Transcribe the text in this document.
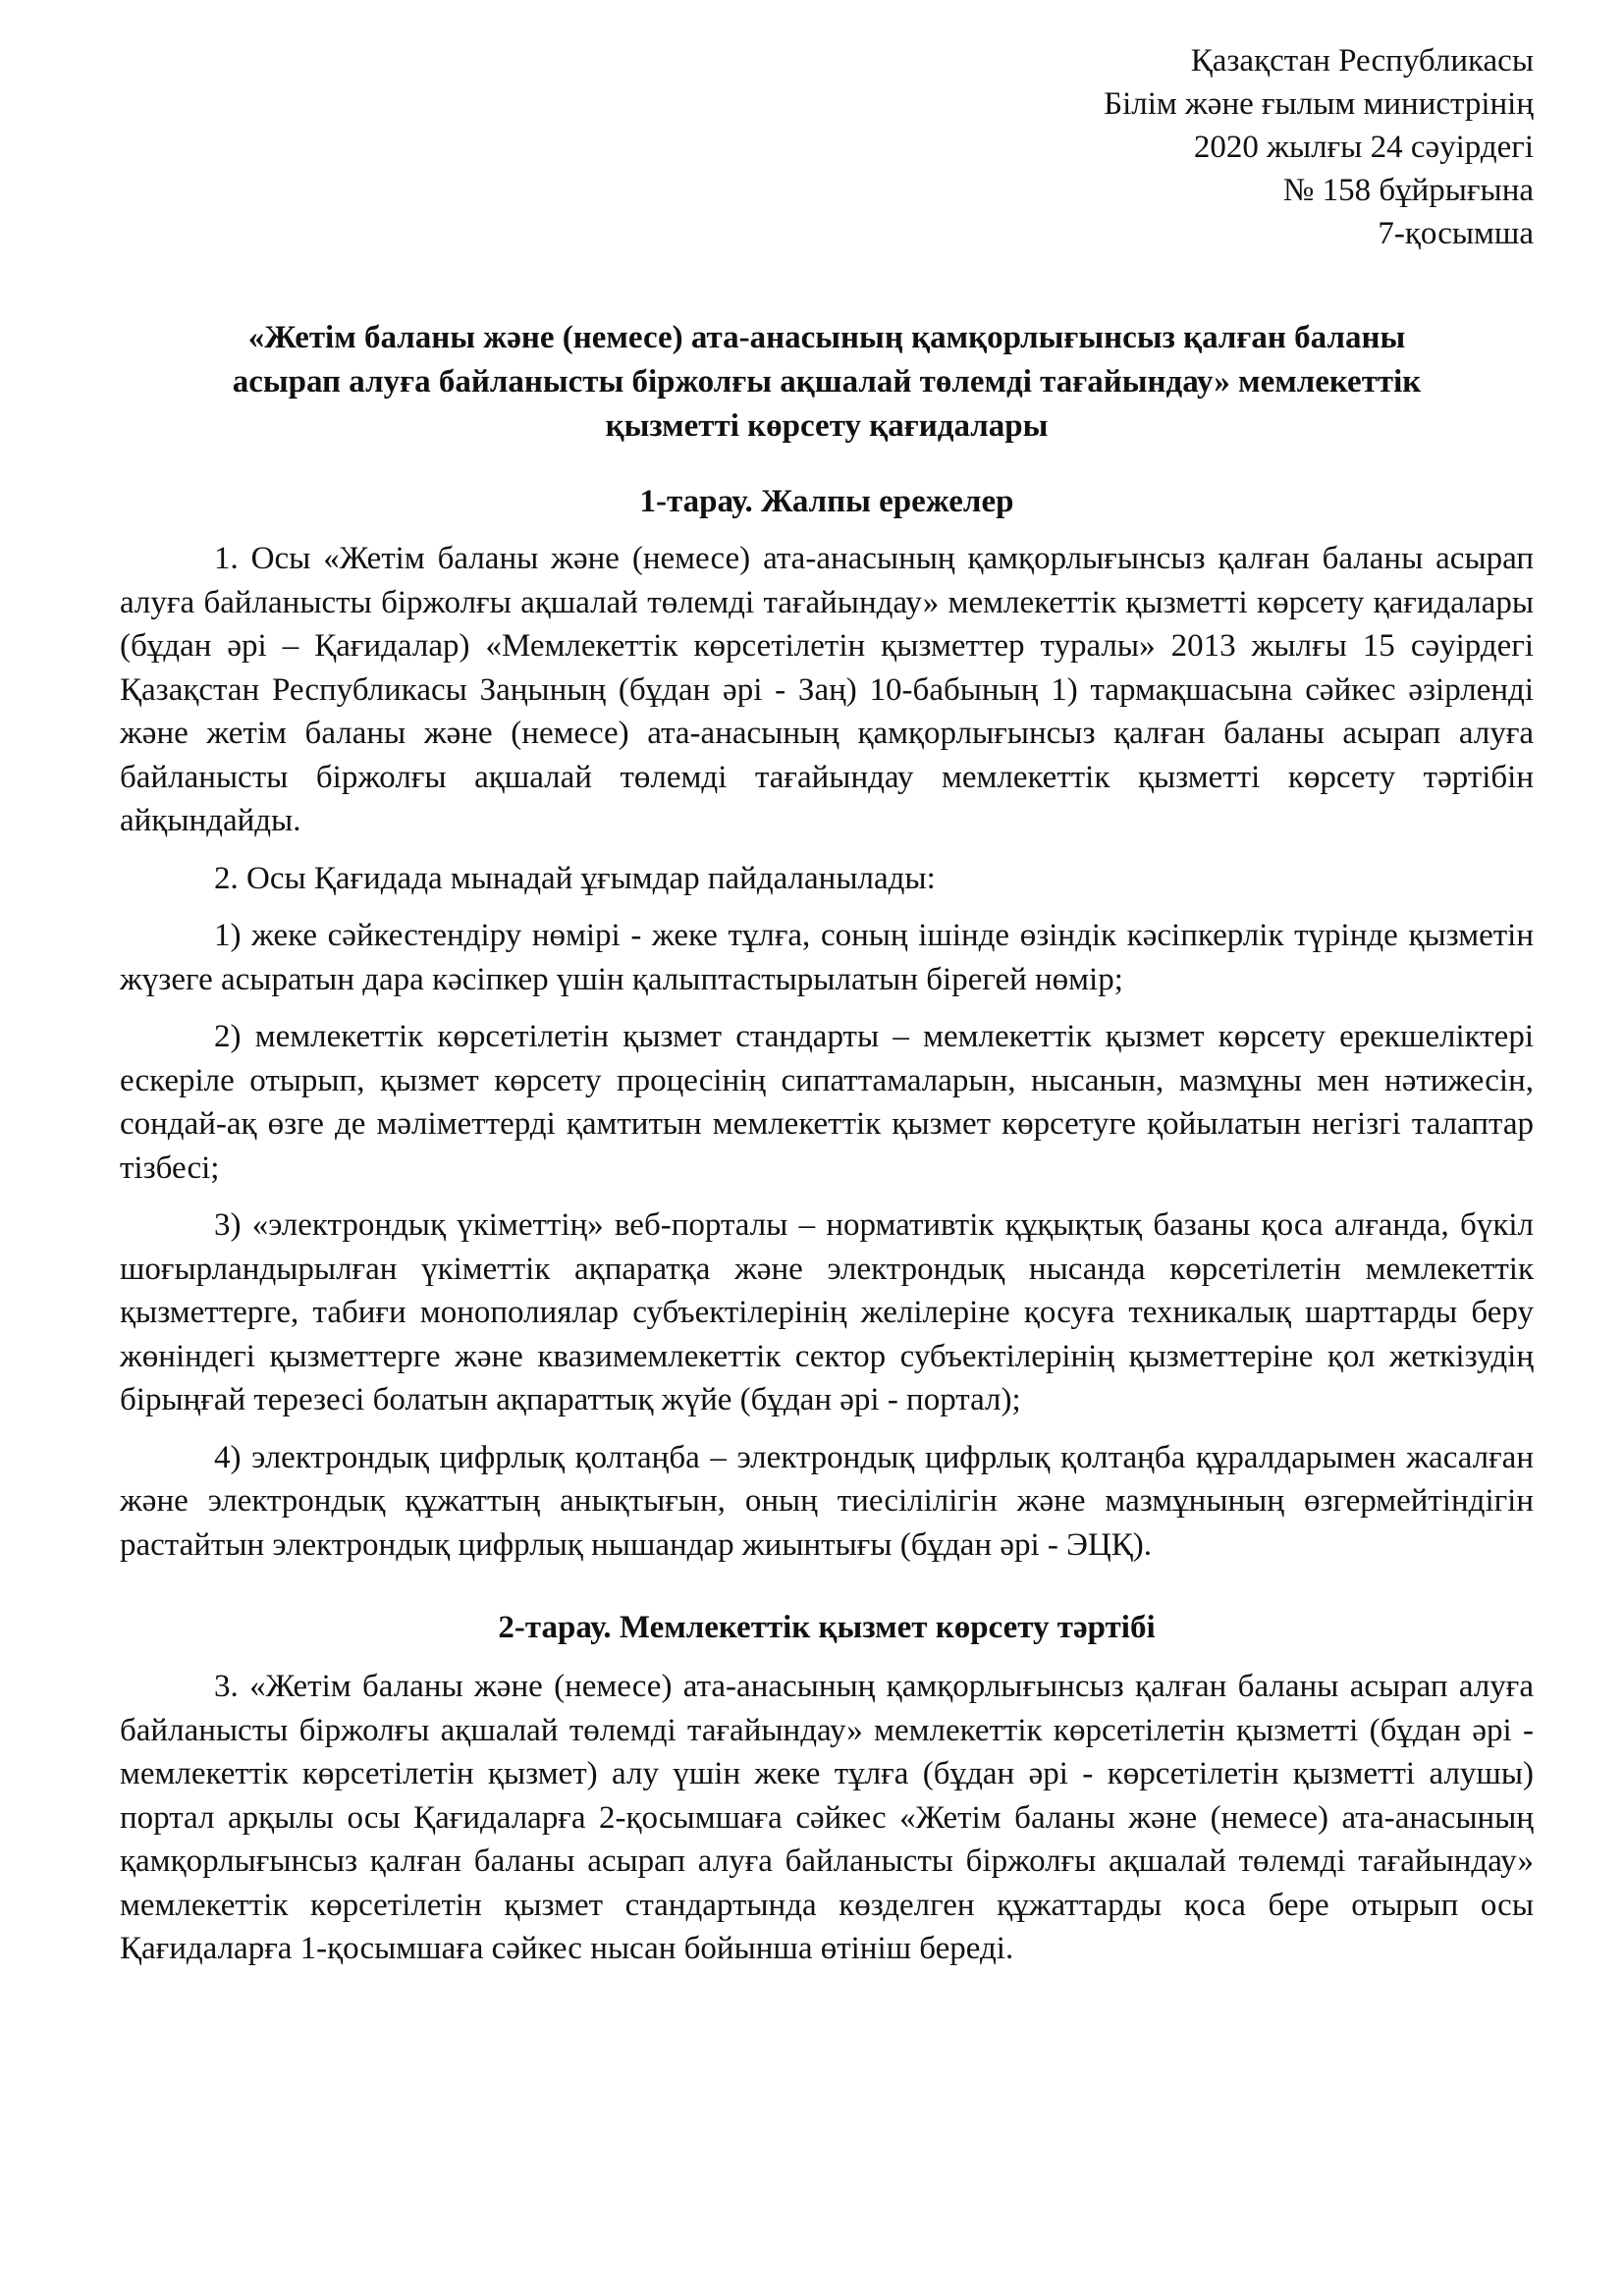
Қазақстан Республикасы
Білім және ғылым министрінің
2020 жылғы 24 сәуірдегі
№ 158 бұйрығына
7-қосымша
«Жетім баланы және (немесе) ата-анасының қамқорлығынсыз қалған баланы
асырап алуға байланысты біржолғы ақшалай төлемді тағайындау» мемлекеттік
қызметті көрсету қағидалары
1-тарау. Жалпы ережелер

1. Осы «Жетім баланы және (немесе) ата-анасының қамқорлығынсыз қалған баланы асырап алуға байланысты біржолғы ақшалай төлемді тағайындау» мемлекеттік қызметті көрсету қағидалары (бұдан әрі – Қағидалар) «Мемлекеттік көрсетілетін қызметтер туралы» 2013 жылғы 15 сәуірдегі Қазақстан Республикасы Заңының (бұдан әрі - Заң) 10-бабының 1) тармақшасына сәйкес әзірленді және жетім баланы және (немесе) ата-анасының қамқорлығынсыз қалған баланы асырап алуға байланысты біржолғы ақшалай төлемді тағайындау мемлекеттік қызметті көрсету тәртібін айқындайды.

2. Осы Қағидада мынадай ұғымдар пайдаланылады:

1) жеке сәйкестендіру нөмірі - жеке тұлға, соның ішінде өзіндік кәсіпкерлік түрінде қызметін жүзеге асыратын дара кәсіпкер үшін қалыптастырылатын бірегей нөмір;

2) мемлекеттік көрсетілетін қызмет стандарты – мемлекеттік қызмет көрсету ерекшеліктері ескеріле отырып, қызмет көрсету процесінің сипаттамаларын, нысанын, мазмұны мен нәтижесін, сондай-ақ өзге де мәліметтерді қамтитын мемлекеттік қызмет көрсетуге қойылатын негізгі талаптар тізбесі;

3) «электрондық үкіметтің» веб-порталы – нормативтік құқықтық базаны қоса алғанда, бүкіл шоғырландырылған үкіметтік ақпаратқа және электрондық нысанда көрсетілетін мемлекеттік қызметтерге, табиғи монополиялар субъектілерінің желілеріне қосуға техникалық шарттарды беру жөніндегі қызметтерге және квазимемлекеттік сектор субъектілерінің қызметтеріне қол жеткізудің бірыңғай терезесі болатын ақпараттық жүйе (бұдан әрі - портал);

4) электрондық цифрлық қолтаңба – электрондық цифрлық қолтаңба құралдарымен жасалған және электрондық құжаттың анықтығын, оның тиесілілігін және мазмұнының өзгермейтіндігін растайтын электрондық цифрлық нышандар жиынтығы (бұдан әрі - ЭЦҚ).

2-тарау. Мемлекеттік қызмет көрсету тәртібі

3. «Жетім баланы және (немесе) ата-анасының қамқорлығынсыз қалған баланы асырап алуға байланысты біржолғы ақшалай төлемді тағайындау» мемлекеттік көрсетілетін қызметті (бұдан әрі - мемлекеттік көрсетілетін қызмет) алу үшін жеке тұлға (бұдан әрі - көрсетілетін қызметті алушы) портал арқылы осы Қағидаларға 2-қосымшаға сәйкес «Жетім баланы және (немесе) ата-анасының қамқорлығынсыз қалған баланы асырап алуға байланысты біржолғы ақшалай төлемді тағайындау» мемлекеттік көрсетілетін қызмет стандартында көзделген құжаттарды қоса бере отырып осы Қағидаларға 1-қосымшаға сәйкес нысан бойынша өтініш береді.
